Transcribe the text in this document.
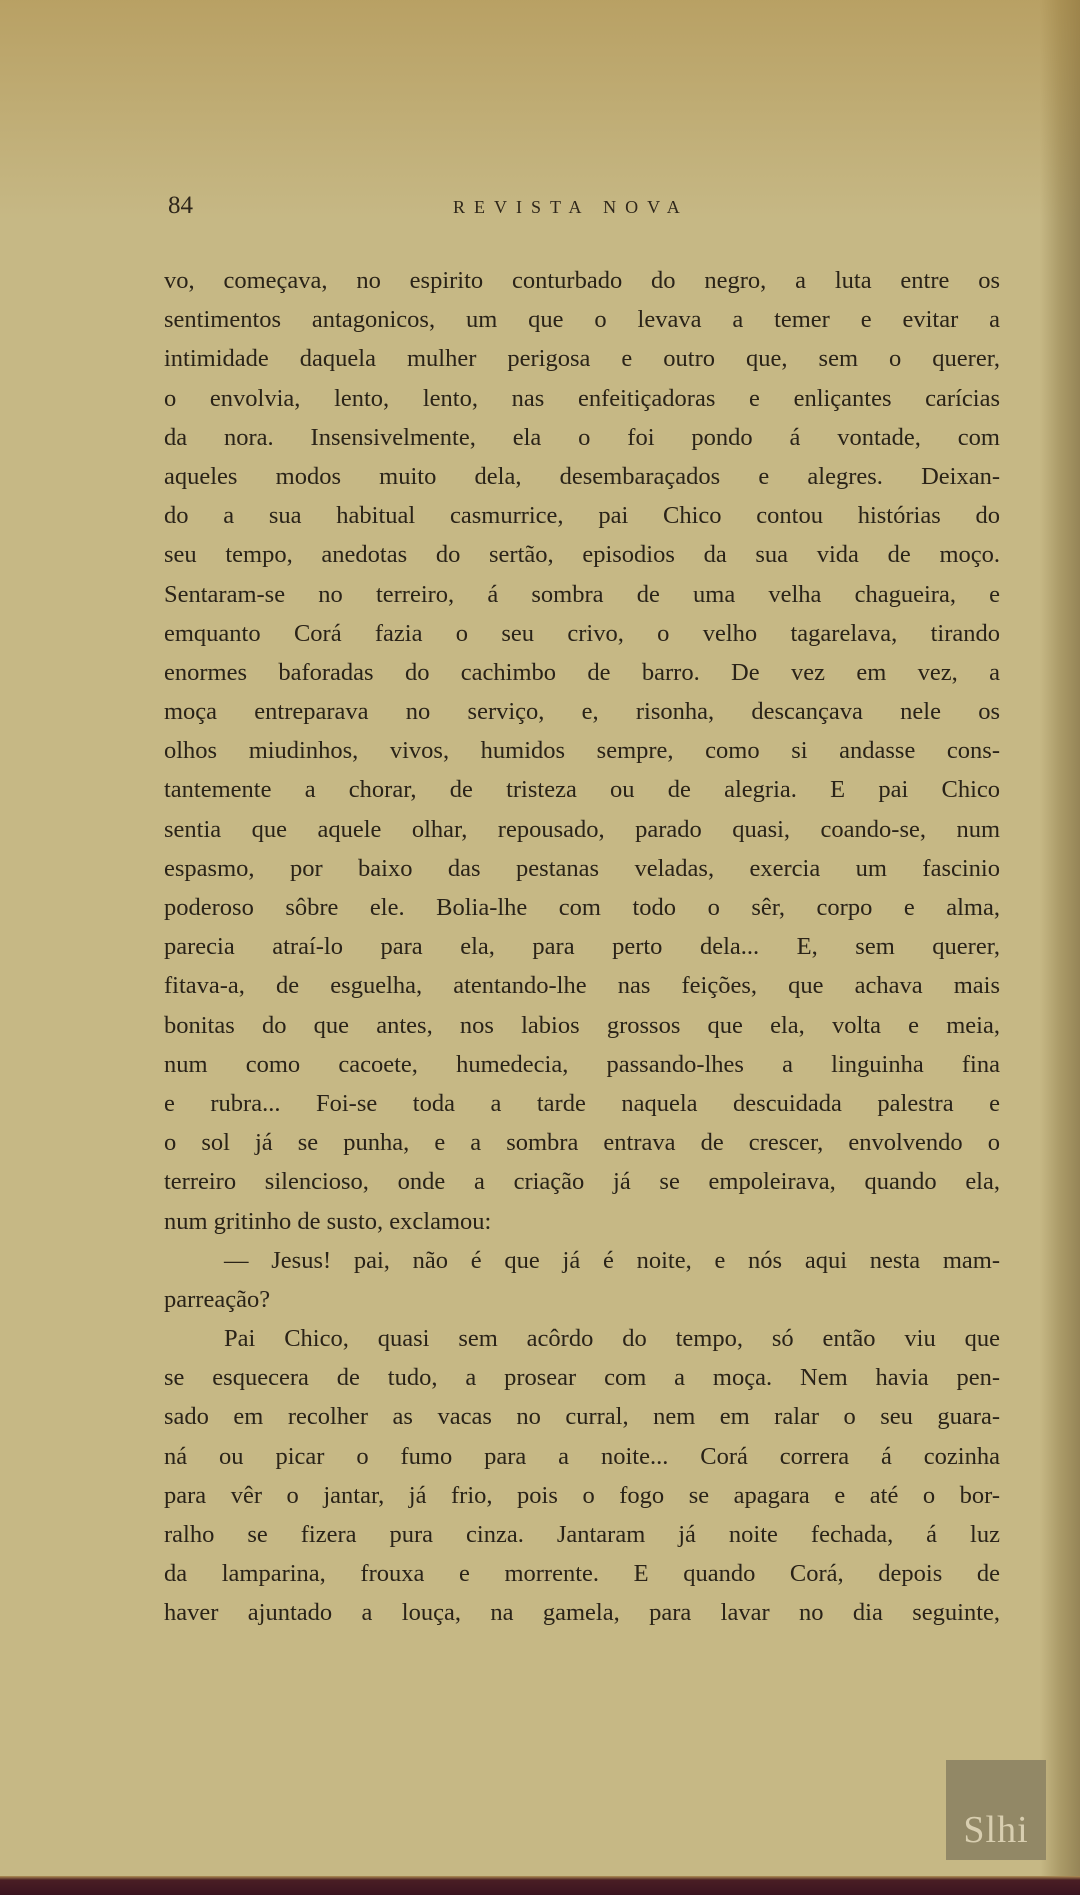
84	REVISTA NOVA
vo, começava, no espirito conturbado do negro, a luta entre os
sentimentos antagonicos, um que o levava a temer e evitar a
intimidade daquela mulher perigosa e outro que, sem o querer,
o envolvia, lento, lento, nas enfeitiçadoras e enliçantes carícias
da nora. Insensivelmente, ela o foi pondo á vontade, com
aqueles modos muito dela, desembaraçados e alegres. Deixan-
do a sua habitual casmurrice, pai Chico contou histórias do
seu tempo, anedotas do sertão, episodios da sua vida de moço.
Sentaram-se no terreiro, á sombra de uma velha chagueira, e
emquanto Corá fazia o seu crivo, o velho tagarelava, tirando
enormes baforadas do cachimbo de barro. De vez em vez, a
moça entreparava no serviço, e, risonha, descançava nele os
olhos miudinhos, vivos, humidos sempre, como si andasse cons-
tantemente a chorar, de tristeza ou de alegria. E pai Chico
sentia que aquele olhar, repousado, parado quasi, coando-se, num
espasmo, por baixo das pestanas veladas, exercia um fascinio
poderoso sôbre ele. Bolia-lhe com todo o sêr, corpo e alma,
parecia atraí-lo para ela, para perto dela... E, sem querer,
fitava-a, de esguelha, atentando-lhe nas feições, que achava mais
bonitas do que antes, nos labios grossos que ela, volta e meia,
num como cacoete, humedecia, passando-lhes a linguinha fina
e rubra... Foi-se toda a tarde naquela descuidada palestra e
o sol já se punha, e a sombra entrava de crescer, envolvendo o
terreiro silencioso, onde a criação já se empoleirava, quando ela,
num gritinho de susto, exclamou:
— Jesus! pai, não é que já é noite, e nós aqui nesta mam-
parreação?
Pai Chico, quasi sem acôrdo do tempo, só então viu que
se esquecera de tudo, a prosear com a moça. Nem havia pen-
sado em recolher as vacas no curral, nem em ralar o seu guara-
ná ou picar o fumo para a noite... Corá correra á cozinha
para vêr o jantar, já frio, pois o fogo se apagara e até o bor-
ralho se fizera pura cinza. Jantaram já noite fechada, á luz
da lamparina, frouxa e morrente. E quando Corá, depois de
haver ajuntado a louça, na gamela, para lavar no dia seguinte,
Slhi
